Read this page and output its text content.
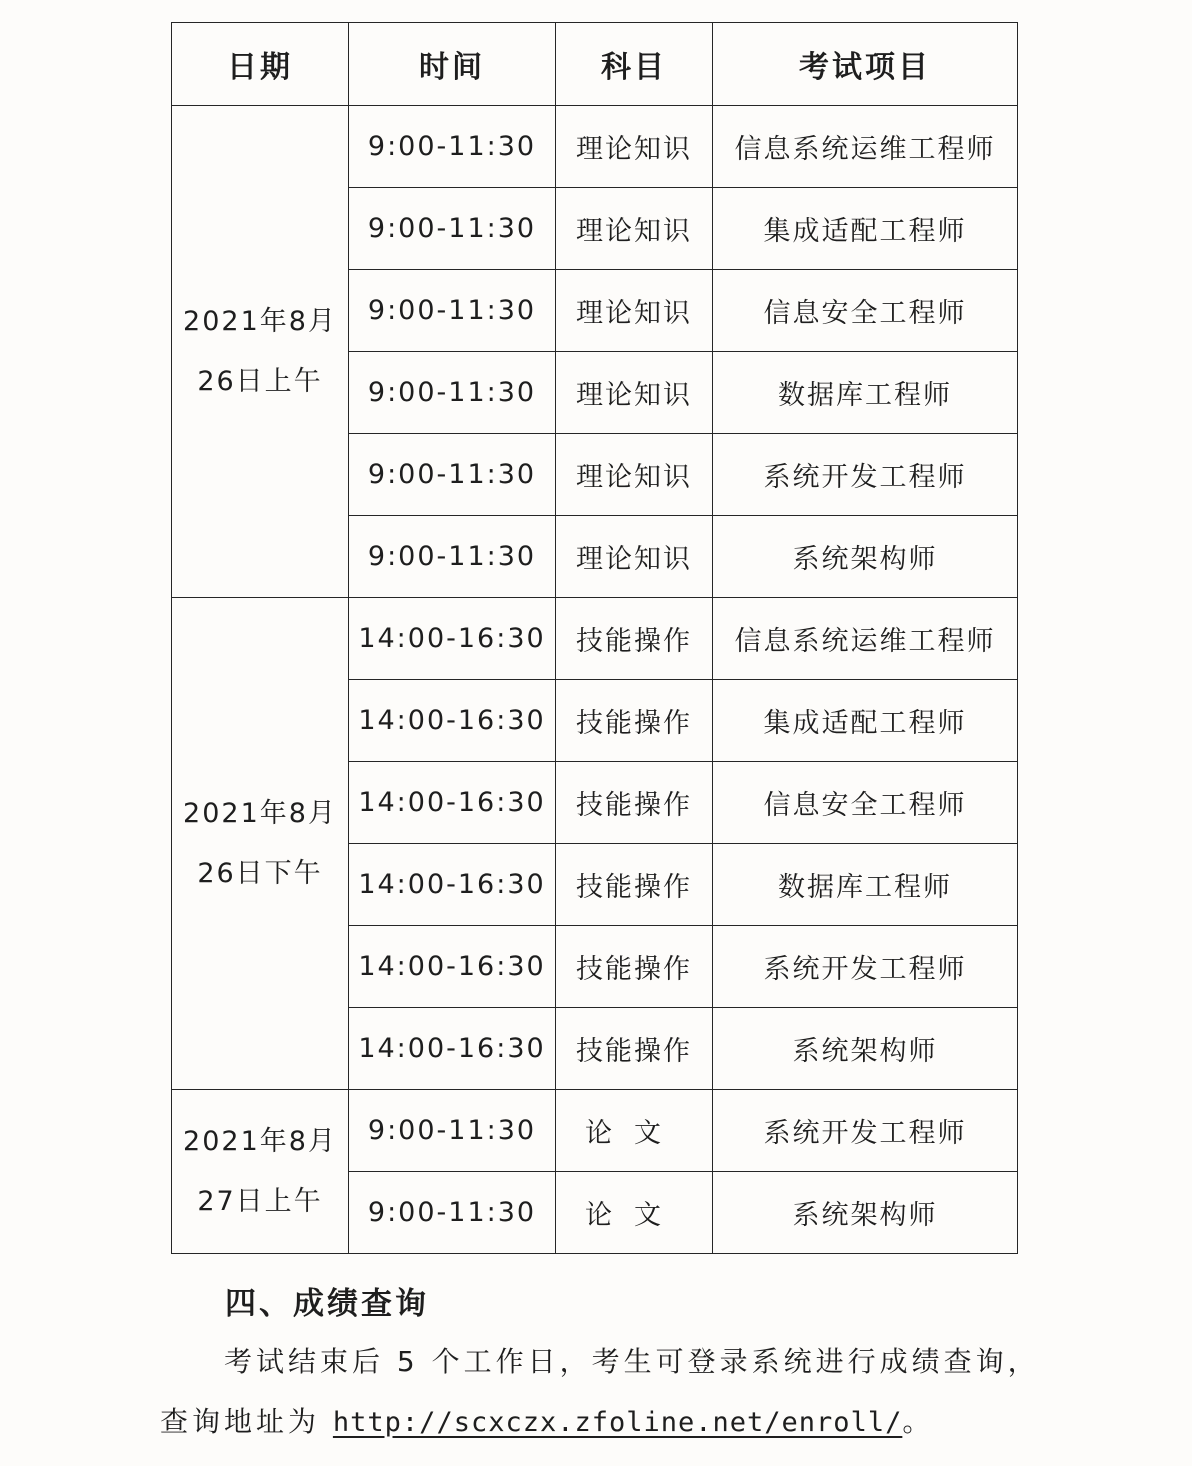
日期	时间	科目	考试项目

2021年8月
26日上午	9:00-11:30	理论知识	信息系统运维工程师
	9:00-11:30	理论知识	集成适配工程师
	9:00-11:30	理论知识	信息安全工程师
	9:00-11:30	理论知识	数据库工程师
	9:00-11:30	理论知识	系统开发工程师
	9:00-11:30	理论知识	系统架构师

2021年8月
26日下午	14:00-16:30	技能操作	信息系统运维工程师
	14:00-16:30	技能操作	集成适配工程师
	14:00-16:30	技能操作	信息安全工程师
	14:00-16:30	技能操作	数据库工程师
	14:00-16:30	技能操作	系统开发工程师
	14:00-16:30	技能操作	系统架构师

2021年8月
27日上午	9:00-11:30	论文	系统开发工程师
	9:00-11:30	论文	系统架构师
四、成绩查询
考试结束后 5 个工作日，考生可登录系统进行成绩查询，
查询地址为 http://scxczx.zfoline.net/enroll/。
